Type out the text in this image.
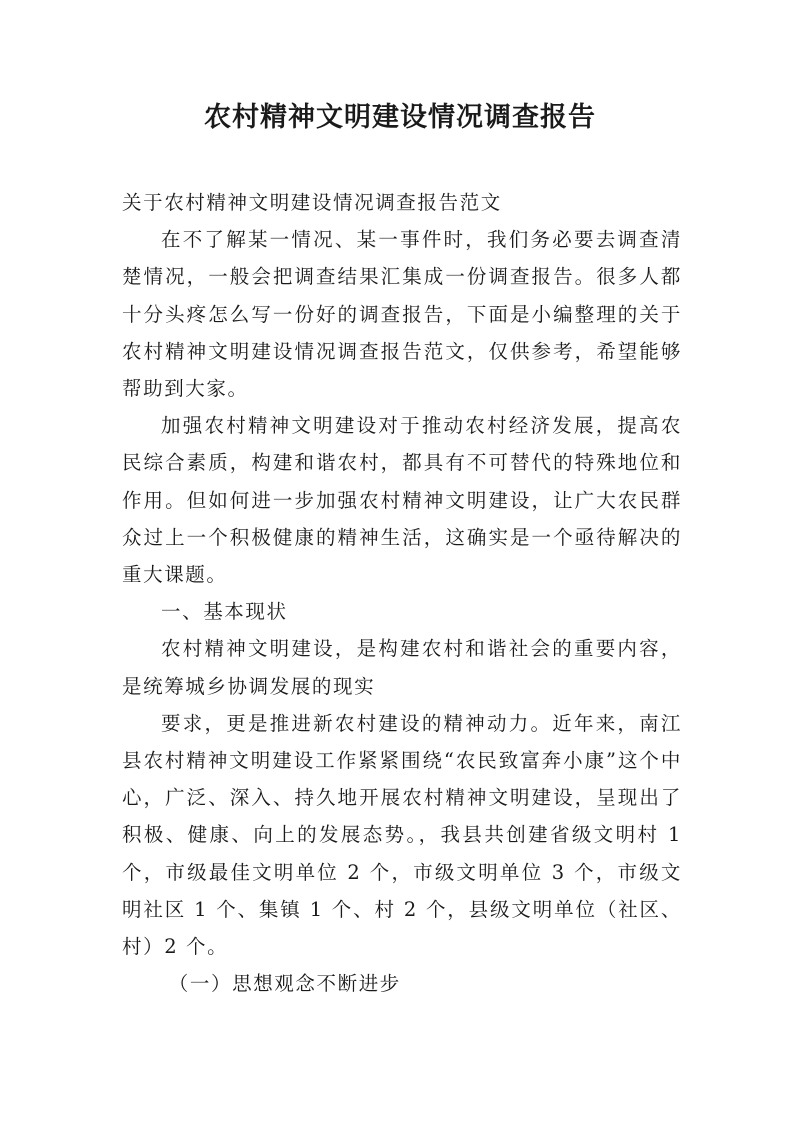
农村精神文明建设情况调查报告

关于农村精神文明建设情况调查报告范文

在不了解某一情况、某一事件时，我们务必要去调查清楚情况，一般会把调查结果汇集成一份调查报告。很多人都十分头疼怎么写一份好的调查报告，下面是小编整理的关于农村精神文明建设情况调查报告范文，仅供参考，希望能够帮助到大家。

加强农村精神文明建设对于推动农村经济发展，提高农民综合素质，构建和谐农村，都具有不可替代的特殊地位和作用。但如何进一步加强农村精神文明建设，让广大农民群众过上一个积极健康的精神生活，这确实是一个亟待解决的重大课题。

一、基本现状

农村精神文明建设，是构建农村和谐社会的重要内容，是统筹城乡协调发展的现实

要求，更是推进新农村建设的精神动力。近年来，南江县农村精神文明建设工作紧紧围绕“农民致富奔小康”这个中心，广泛、深入、持久地开展农村精神文明建设，呈现出了积极、健康、向上的发展态势。，我县共创建省级文明村 1 个，市级最佳文明单位 2 个，市级文明单位 3 个，市级文明社区 1 个、集镇 1 个、村 2 个，县级文明单位（社区、村）2 个。

（一）思想观念不断进步
